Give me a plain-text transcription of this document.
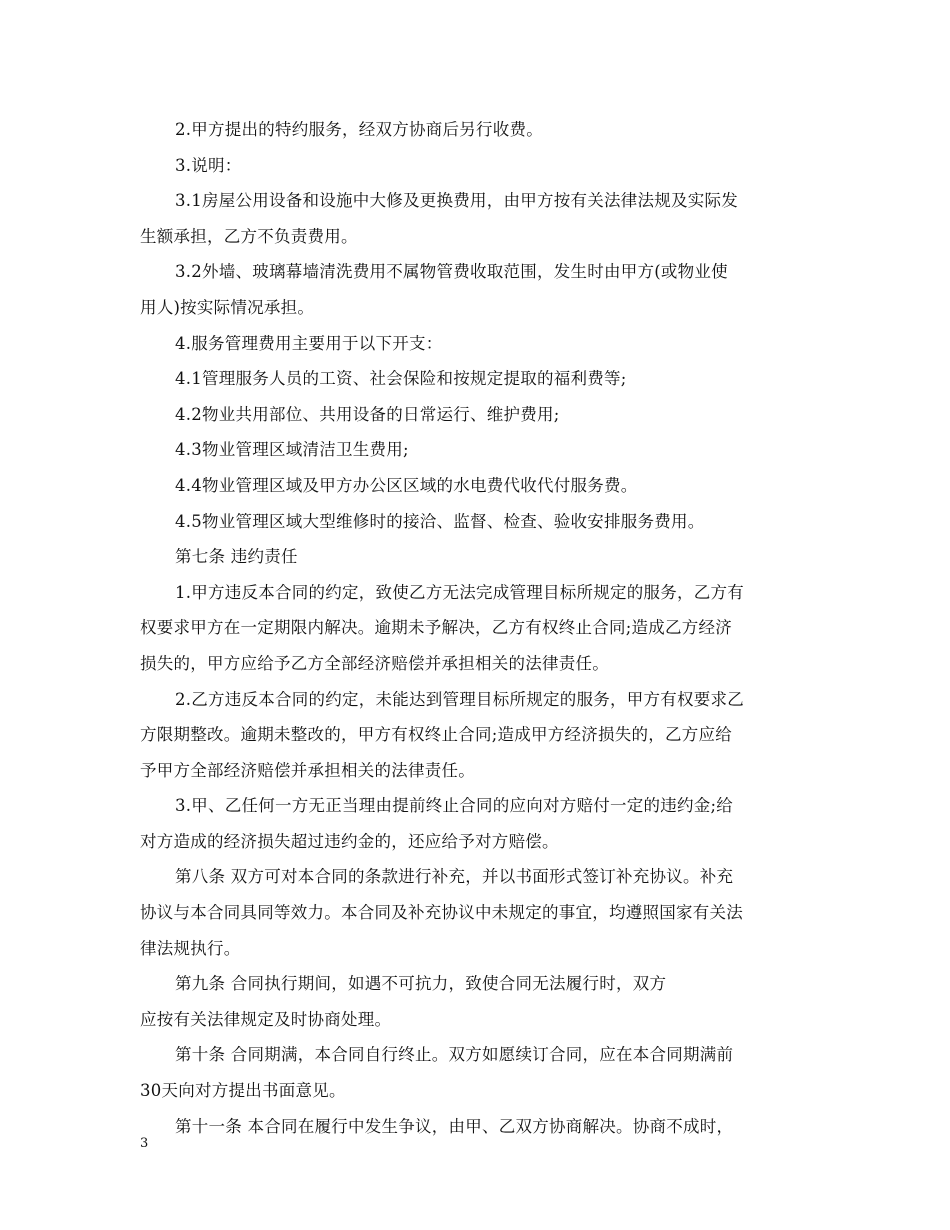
2.甲方提出的特约服务，经双方协商后另行收费。

3.说明：

3.1房屋公用设备和设施中大修及更换费用，由甲方按有关法律法规及实际发
生额承担，乙方不负责费用。

3.2外墙、玻璃幕墙清洗费用不属物管费收取范围，发生时由甲方(或物业使
用人)按实际情况承担。

4.服务管理费用主要用于以下开支：

4.1管理服务人员的工资、社会保险和按规定提取的福利费等;

4.2物业共用部位、共用设备的日常运行、维护费用;

4.3物业管理区域清洁卫生费用;

4.4物业管理区域及甲方办公区区域的水电费代收代付服务费。

4.5物业管理区域大型维修时的接洽、监督、检查、验收安排服务费用。

第七条 违约责任

1.甲方违反本合同的约定，致使乙方无法完成管理目标所规定的服务，乙方有
权要求甲方在一定期限内解决。逾期未予解决，乙方有权终止合同;造成乙方经济
损失的，甲方应给予乙方全部经济赔偿并承担相关的法律责任。

2.乙方违反本合同的约定，未能达到管理目标所规定的服务，甲方有权要求乙
方限期整改。逾期未整改的，甲方有权终止合同;造成甲方经济损失的，乙方应给
予甲方全部经济赔偿并承担相关的法律责任。

3.甲、乙任何一方无正当理由提前终止合同的应向对方赔付一定的违约金;给
对方造成的经济损失超过违约金的，还应给予对方赔偿。

第八条 双方可对本合同的条款进行补充，并以书面形式签订补充协议。补充
协议与本合同具同等效力。本合同及补充协议中未规定的事宜，均遵照国家有关法
律法规执行。

第九条 合同执行期间，如遇不可抗力，致使合同无法履行时，双方
应按有关法律规定及时协商处理。

第十条 合同期满，本合同自行终止。双方如愿续订合同，应在本合同期满前
30天向对方提出书面意见。

第十一条 本合同在履行中发生争议，由甲、乙双方协商解决。协商不成时，

3
